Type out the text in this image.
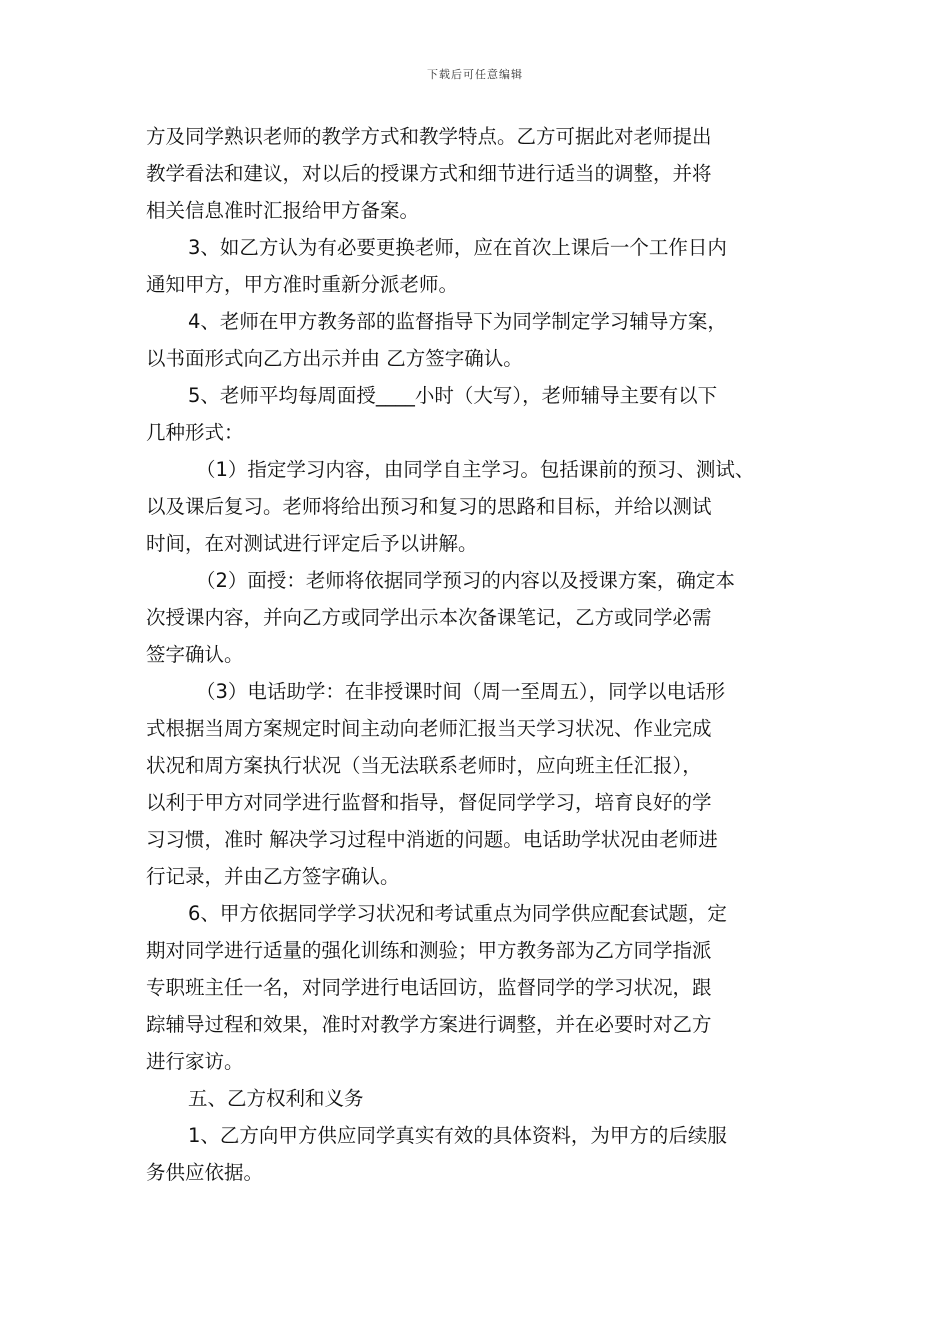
下载后可任意编辑
方及同学熟识老师的教学方式和教学特点。乙方可据此对老师提出
教学看法和建议，对以后的授课方式和细节进行适当的调整，并将
相关信息准时汇报给甲方备案。
3、如乙方认为有必要更换老师，应在首次上课后一个工作日内
通知甲方，甲方准时重新分派老师。
4、老师在甲方教务部的监督指导下为同学制定学习辅导方案，
以书面形式向乙方出示并由 乙方签字确认。
5、老师平均每周面授____小时（大写），老师辅导主要有以下
几种形式：
（1）指定学习内容，由同学自主学习。包括课前的预习、测试、
以及课后复习。老师将给出预习和复习的思路和目标，并给以测试
时间，在对测试进行评定后予以讲解。
（2）面授：老师将依据同学预习的内容以及授课方案，确定本
次授课内容，并向乙方或同学出示本次备课笔记，乙方或同学必需
签字确认。
（3）电话助学：在非授课时间（周一至周五），同学以电话形
式根据当周方案规定时间主动向老师汇报当天学习状况、作业完成
状况和周方案执行状况（当无法联系老师时，应向班主任汇报），
以利于甲方对同学进行监督和指导，督促同学学习，培育良好的学
习习惯，准时 解决学习过程中消逝的问题。电话助学状况由老师进
行记录，并由乙方签字确认。
6、甲方依据同学学习状况和考试重点为同学供应配套试题，定
期对同学进行适量的强化训练和测验；甲方教务部为乙方同学指派
专职班主任一名，对同学进行电话回访，监督同学的学习状况，跟
踪辅导过程和效果，准时对教学方案进行调整，并在必要时对乙方
进行家访。
五、乙方权利和义务
1、乙方向甲方供应同学真实有效的具体资料，为甲方的后续服
务供应依据。
